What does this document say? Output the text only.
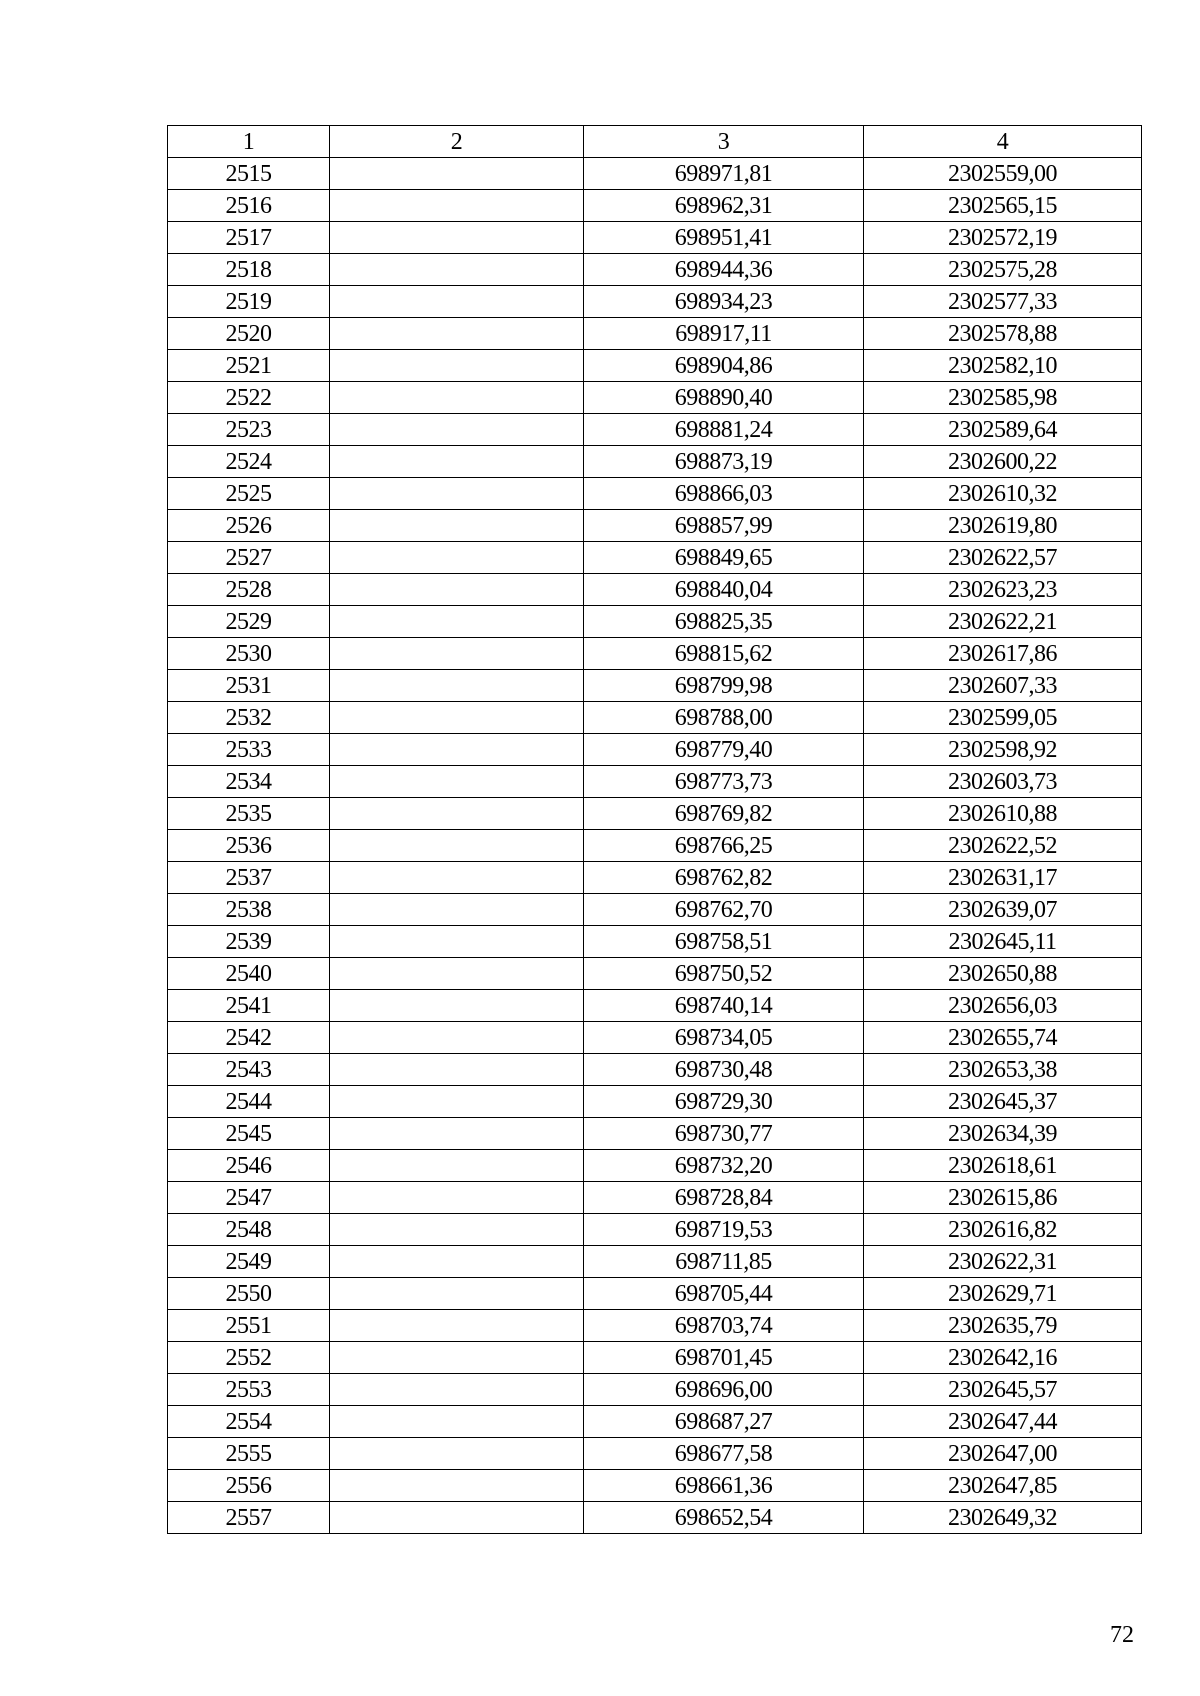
1	2	3	4
2515		698971,81	2302559,00
2516		698962,31	2302565,15
2517		698951,41	2302572,19
2518		698944,36	2302575,28
2519		698934,23	2302577,33
2520		698917,11	2302578,88
2521		698904,86	2302582,10
2522		698890,40	2302585,98
2523		698881,24	2302589,64
2524		698873,19	2302600,22
2525		698866,03	2302610,32
2526		698857,99	2302619,80
2527		698849,65	2302622,57
2528		698840,04	2302623,23
2529		698825,35	2302622,21
2530		698815,62	2302617,86
2531		698799,98	2302607,33
2532		698788,00	2302599,05
2533		698779,40	2302598,92
2534		698773,73	2302603,73
2535		698769,82	2302610,88
2536		698766,25	2302622,52
2537		698762,82	2302631,17
2538		698762,70	2302639,07
2539		698758,51	2302645,11
2540		698750,52	2302650,88
2541		698740,14	2302656,03
2542		698734,05	2302655,74
2543		698730,48	2302653,38
2544		698729,30	2302645,37
2545		698730,77	2302634,39
2546		698732,20	2302618,61
2547		698728,84	2302615,86
2548		698719,53	2302616,82
2549		698711,85	2302622,31
2550		698705,44	2302629,71
2551		698703,74	2302635,79
2552		698701,45	2302642,16
2553		698696,00	2302645,57
2554		698687,27	2302647,44
2555		698677,58	2302647,00
2556		698661,36	2302647,85
2557		698652,54	2302649,32
72
